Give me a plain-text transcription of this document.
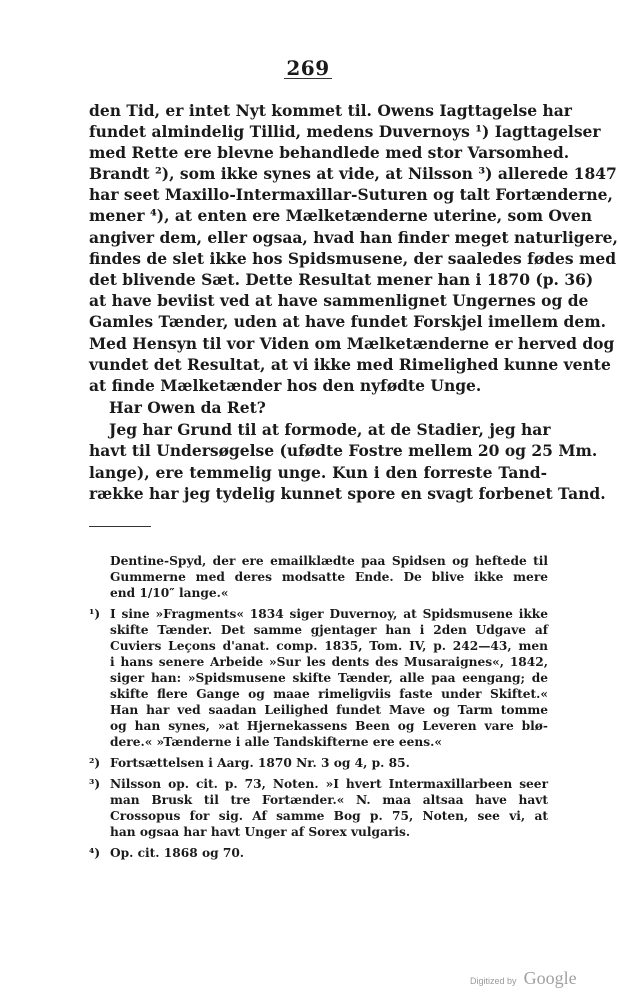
269
den Tid, er intet Nyt kommet til. Owens Iagttagelse har
fundet almindelig Tillid, medens Duvernoys ¹) Iagttagelser
med Rette ere blevne behandlede med stor Varsomhed.
Brandt ²), som ikke synes at vide, at Nilsson ³) allerede 1847
har seet Maxillo-Intermaxillar-Suturen og talt Fortænderne,
mener ⁴), at enten ere Mælketænderne uterine, som Oven
angiver dem, eller ogsaa, hvad han finder meget naturligere,
findes de slet ikke hos Spidsmusene, der saaledes fødes med
det blivende Sæt. Dette Resultat mener han i 1870 (p. 36)
at have beviist ved at have sammenlignet Ungernes og de
Gamles Tænder, uden at have fundet Forskjel imellem dem.
Med Hensyn til vor Viden om Mælketænderne er herved dog
vundet det Resultat, at vi ikke med Rimelighed kunne vente
at finde Mælketænder hos den nyfødte Unge.
Har Owen da Ret?
Jeg har Grund til at formode, at de Stadier, jeg har
havt til Undersøgelse (ufødte Fostre mellem 20 og 25 Mm.
lange), ere temmelig unge. Kun i den forreste Tand-
række har jeg tydelig kunnet spore en svagt forbenet Tand.
Dentine-Spyd, der ere emailklædte paa Spidsen og heftede til
Gummerne med deres modsatte Ende. De blive ikke mere
end 1/10″ lange.«
¹) I sine »Fragments« 1834 siger Duvernoy, at Spidsmusene ikke
skifte Tænder. Det samme gjentager han i 2den Udgave af
Cuviers Leçons d'anat. comp. 1835, Tom. IV, p. 242—43, men
i hans senere Arbeide »Sur les dents des Musaraignes«, 1842,
siger han: »Spidsmusene skifte Tænder, alle paa eengang; de
skifte flere Gange og maae rimeligviis faste under Skiftet.«
Han har ved saadan Leilighed fundet Mave og Tarm tomme
og han synes, »at Hjernekassens Been og Leveren vare blø-
dere.« »Tænderne i alle Tandskifterne ere eens.«
²) Fortsættelsen i Aarg. 1870 Nr. 3 og 4, p. 85.
³) Nilsson op. cit. p. 73, Noten. »I hvert Intermaxillarbeen seer
man Brusk til tre Fortænder.« N. maa altsaa have havt
Crossopus for sig. Af samme Bog p. 75, Noten, see vi, at
han ogsaa har havt Unger af Sorex vulgaris.
⁴) Op. cit. 1868 og 70.
Digitized by Google
